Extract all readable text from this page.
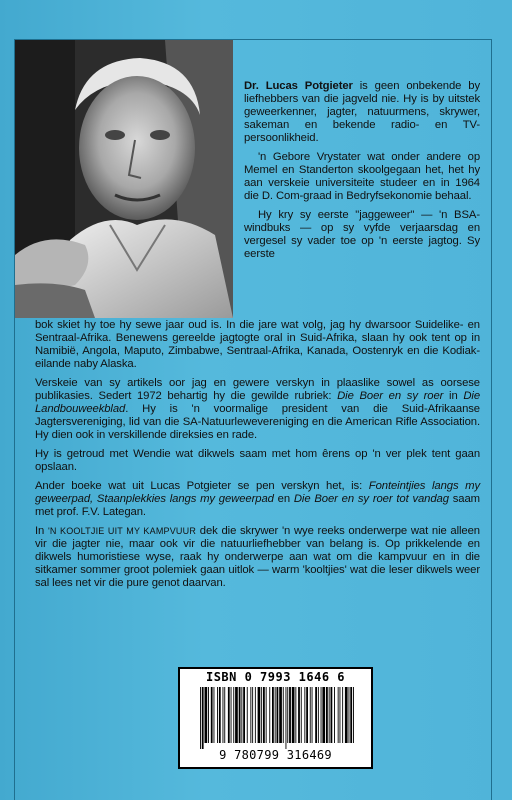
Dr. Lucas Potgieter is geen onbekende by liefhebbers van die jagveld nie. Hy is by uitstek geweerkenner, jagter, natuurmens, skrywer, sakeman en bekende radio- en TV-persoonlikheid.

'n Gebore Vrystater wat onder andere op Memel en Standerton skoolgegaan het, het hy aan verskeie universiteite studeer en in 1964 die D. Com-graad in Bedryfsekonomie behaal.

Hy kry sy eerste "jaggeweer" — 'n BSA-windbuks — op sy vyfde verjaarsdag en vergesel sy vader toe op 'n eerste jagtog. Sy eerste

bok skiet hy toe hy sewe jaar oud is. In die jare wat volg, jag hy dwarsoor Suidelike- en Sentraal-Afrika. Benewens gereelde jagtogte oral in Suid-Afrika, slaan hy ook tent op in Namibië, Angola, Maputo, Zimbabwe, Sentraal-Afrika, Kanada, Oostenryk en die Kodiak-eilande naby Alaska.

Verskeie van sy artikels oor jag en gewere verskyn in plaaslike sowel as oorsese publikasies. Sedert 1972 behartig hy die gewilde rubriek: Die Boer en sy roer in Die Landbouweekblad. Hy is 'n voormalige president van die Suid-Afrikaanse Jagtersvereniging, lid van die SA-Natuurlewevereniging en die American Rifle Association. Hy dien ook in verskillende direksies en rade.

Hy is getroud met Wendie wat dikwels saam met hom êrens op 'n ver plek tent gaan opslaan.

Ander boeke wat uit Lucas Potgieter se pen verskyn het, is: Fonteintjies langs my geweerpad, Staanplekkies langs my geweerpad en Die Boer en sy roer tot vandag saam met prof. F.V. Lategan.

In 'N KOOLTJIE UIT MY KAMPVUUR dek die skrywer 'n wye reeks onderwerpe wat nie alleen vir die jagter nie, maar ook vir die natuurliefhebber van belang is. Op prikkelende en dikwels humoristiese wyse, raak hy onderwerpe aan wat om die kampvuur en in die sitkamer sommer groot polemiek gaan uitlok — warm 'kooltjies' wat die leser dikwels weer sal lees net vir die pure genot daarvan.

ISBN 0 7993 1646 6
9 780799 316469
